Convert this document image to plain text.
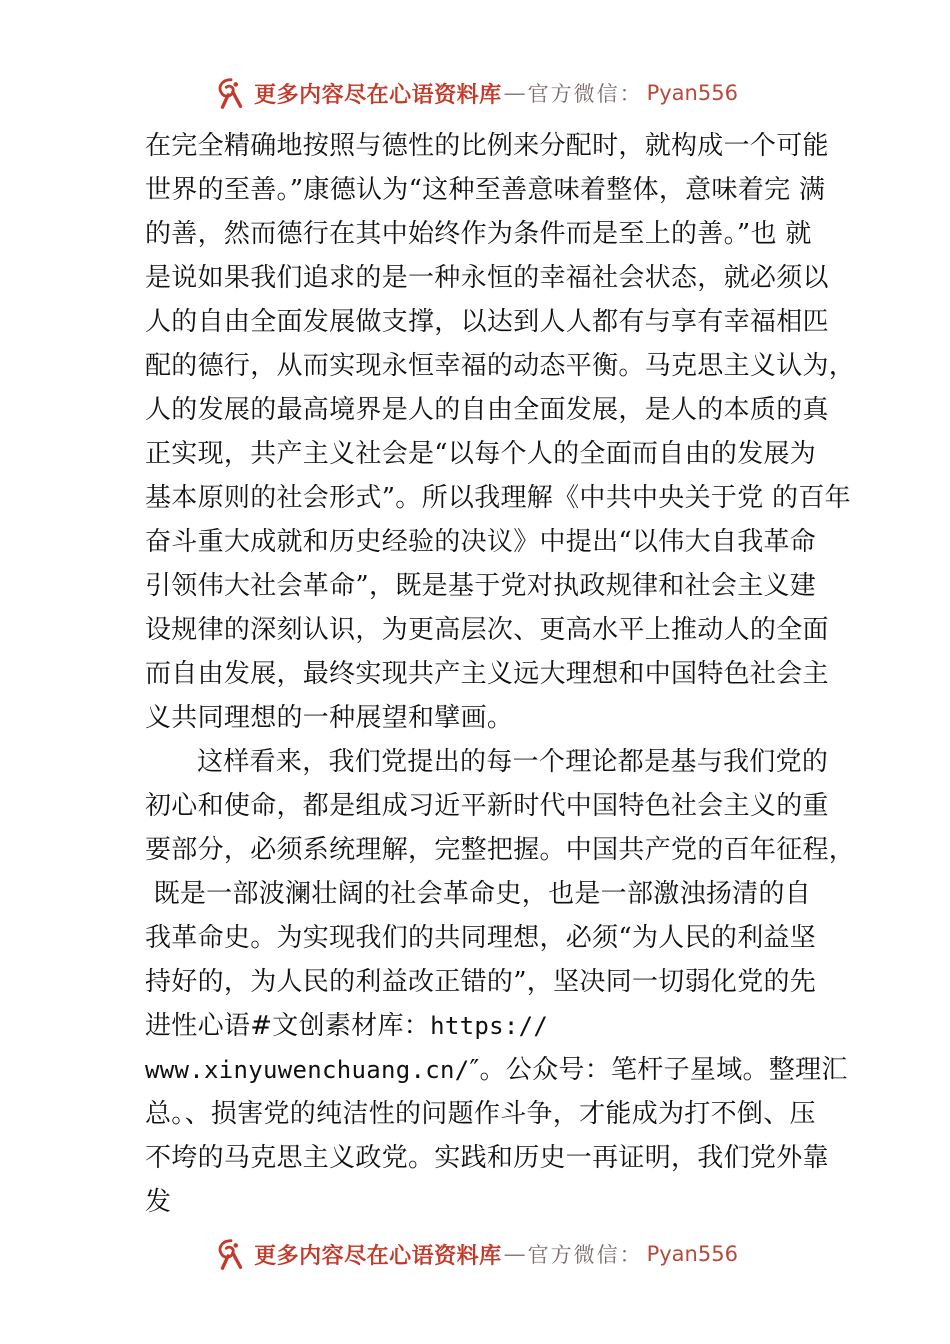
更多内容尽在心语资料库 — 官方微信： Pyan556
在完全精确地按照与德性的比例来分配时，就构成一个可能
世界的至善。”康德认为“这种至善意味着整体，意味着完 满
的善，然而德行在其中始终作为条件而是至上的善。”也 就
是说如果我们追求的是一种永恒的幸福社会状态，就必须以
人的自由全面发展做支撑，以达到人人都有与享有幸福相匹
配的德行，从而实现永恒幸福的动态平衡。马克思主义认为，
人的发展的最高境界是人的自由全面发展，是人的本质的真
正实现，共产主义社会是“以每个人的全面而自由的发展为
基本原则的社会形式”。所以我理解《中共中央关于党 的百年
奋斗重大成就和历史经验的决议》中提出“以伟大自我革命
引领伟大社会革命”，既是基于党对执政规律和社会主义建
设规律的深刻认识，为更高层次、更高水平上推动人的全面
而自由发展，最终实现共产主义远大理想和中国特色社会主
义共同理想的一种展望和擘画。
这样看来，我们党提出的每一个理论都是基与我们党的
初心和使命，都是组成习近平新时代中国特色社会主义的重
要部分，必须系统理解，完整把握。中国共产党的百年征程，
既是一部波澜壮阔的社会革命史，也是一部激浊扬清的自
我革命史。为实现我们的共同理想，必须“为人民的利益坚
持好的，为人民的利益改正错的”，坚决同一切弱化党的先
进性心语#文创素材库：https://
www.xinyuwenchuang.cn/″。公众号：笔杆子星域。整理汇
总。、损害党的纯洁性的问题作斗争，才能成为打不倒、压
不垮的马克思主义政党。实践和历史一再证明，我们党外靠
发
更多内容尽在心语资料库 — 官方微信： Pyan556
